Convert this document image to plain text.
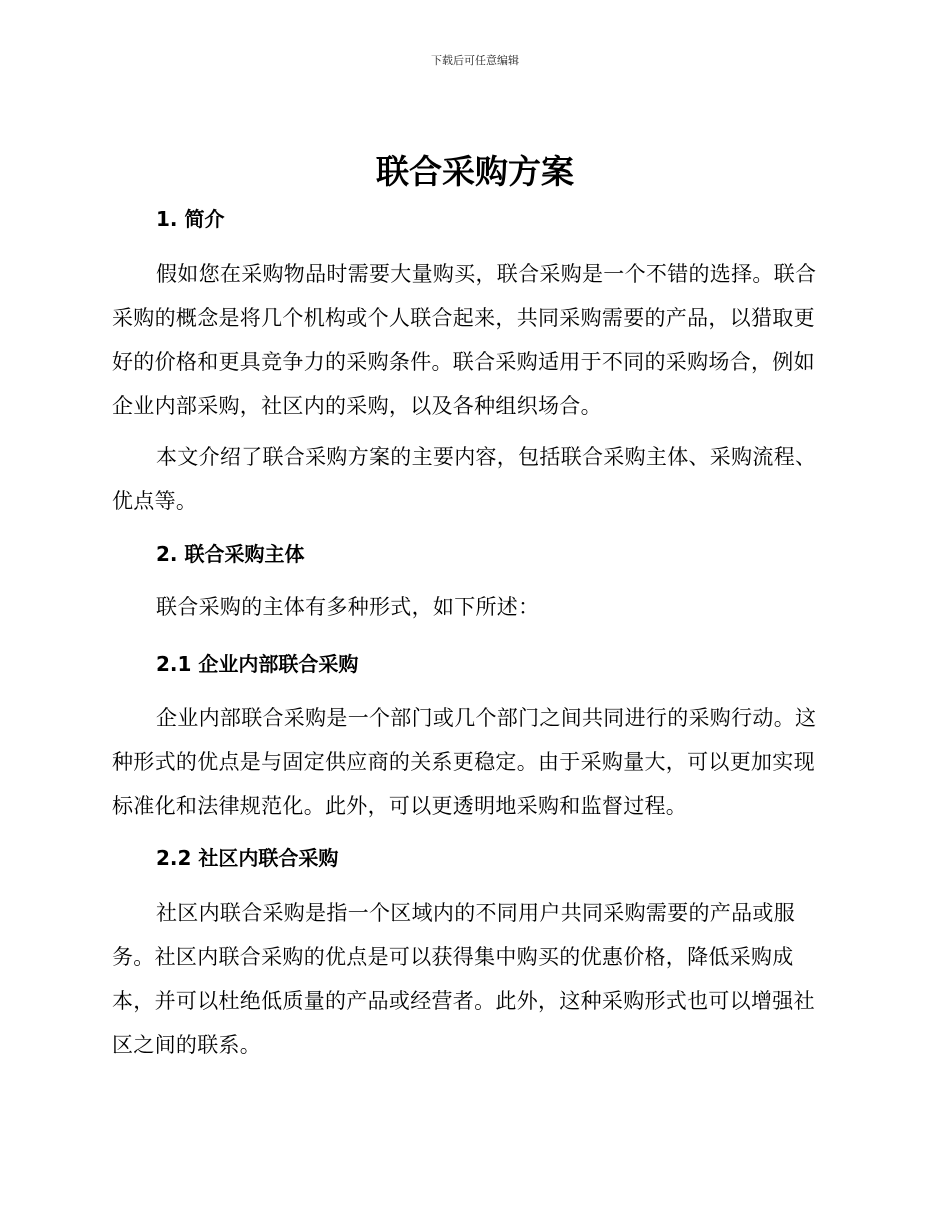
下载后可任意编辑
联合采购方案
1. 简介
假如您在采购物品时需要大量购买，联合采购是一个不错的选择。联合采购的概念是将几个机构或个人联合起来，共同采购需要的产品，以猎取更好的价格和更具竞争力的采购条件。联合采购适用于不同的采购场合，例如企业内部采购，社区内的采购，以及各种组织场合。
本文介绍了联合采购方案的主要内容，包括联合采购主体、采购流程、优点等。
2. 联合采购主体
联合采购的主体有多种形式，如下所述：
2.1 企业内部联合采购
企业内部联合采购是一个部门或几个部门之间共同进行的采购行动。这种形式的优点是与固定供应商的关系更稳定。由于采购量大，可以更加实现标准化和法律规范化。此外，可以更透明地采购和监督过程。
2.2 社区内联合采购
社区内联合采购是指一个区域内的不同用户共同采购需要的产品或服务。社区内联合采购的优点是可以获得集中购买的优惠价格，降低采购成本，并可以杜绝低质量的产品或经营者。此外，这种采购形式也可以增强社区之间的联系。
